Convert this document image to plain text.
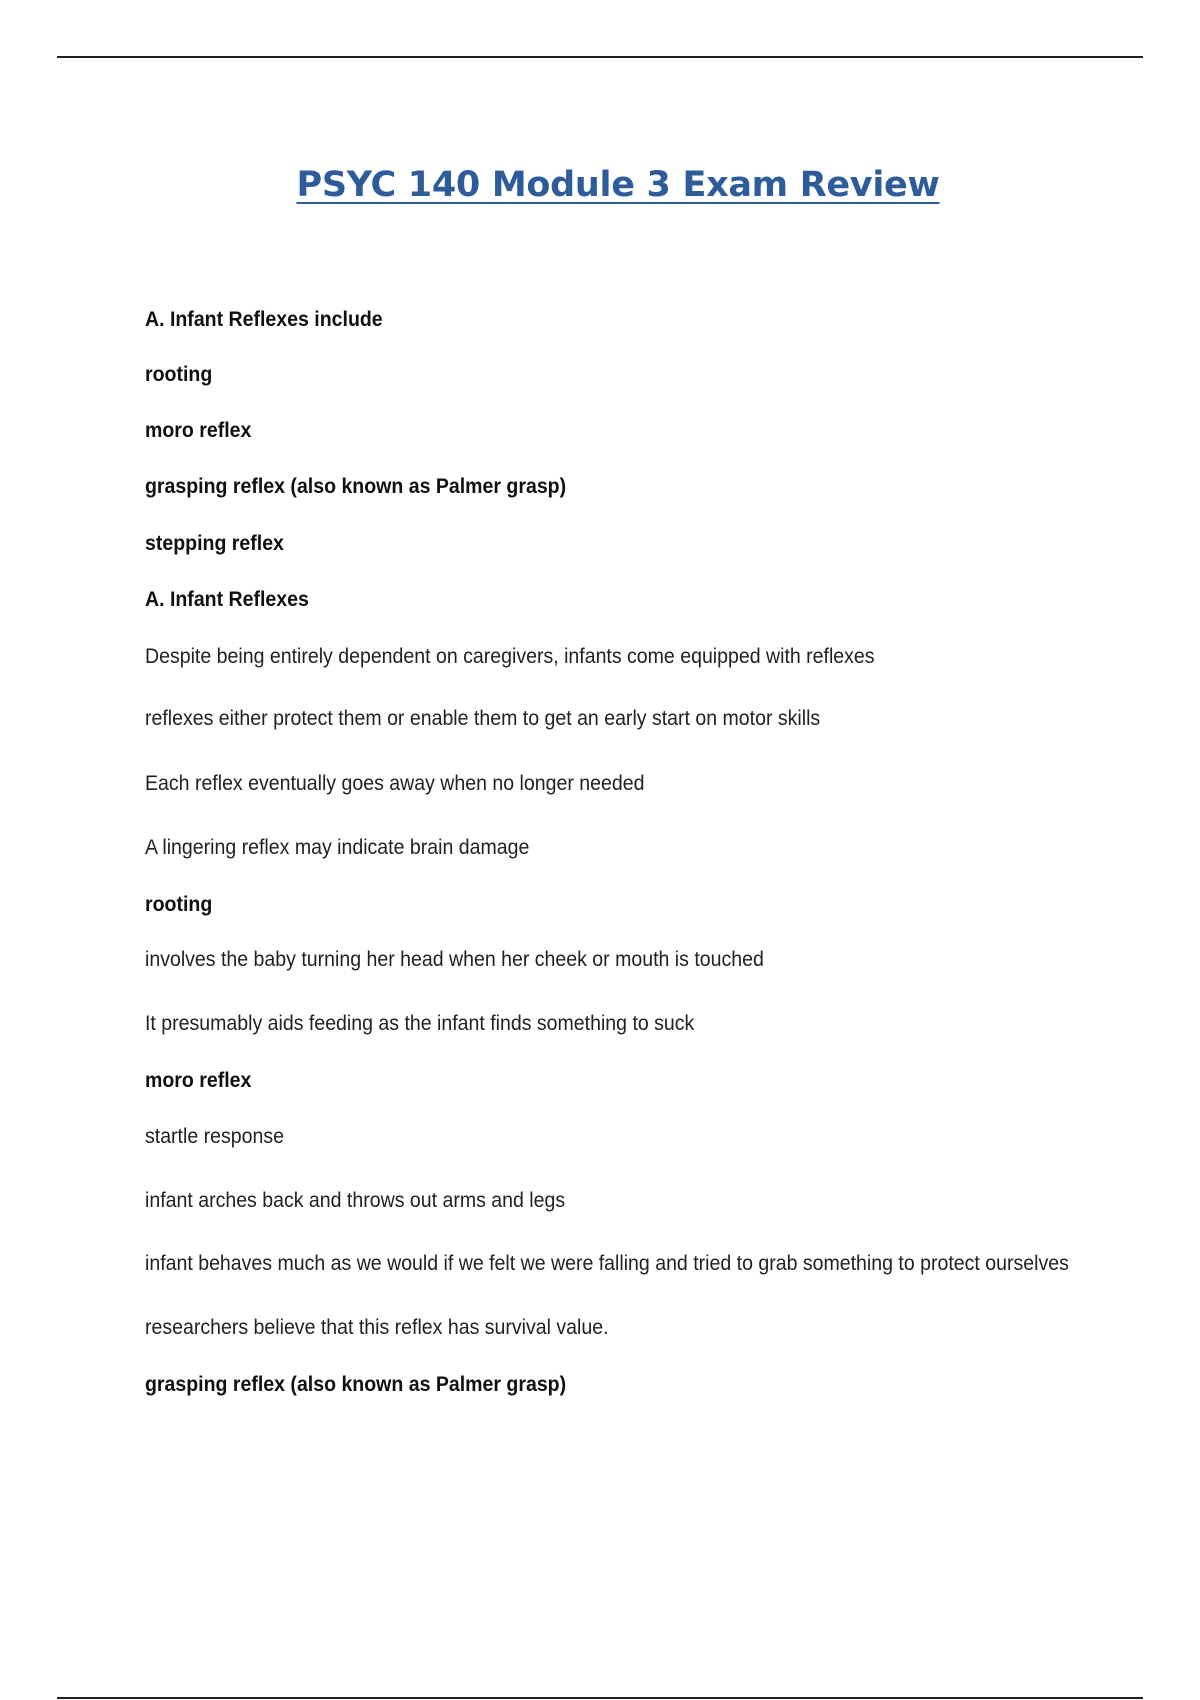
PSYC 140 Module 3 Exam Review
A. Infant Reflexes include
rooting
moro reflex
grasping reflex (also known as Palmer grasp)
stepping reflex
A. Infant Reflexes
Despite being entirely dependent on caregivers, infants come equipped with reflexes
reflexes either protect them or enable them to get an early start on motor skills
Each reflex eventually goes away when no longer needed
A lingering reflex may indicate brain damage
rooting
involves the baby turning her head when her cheek or mouth is touched
It presumably aids feeding as the infant finds something to suck
moro reflex
startle response
infant arches back and throws out arms and legs
infant behaves much as we would if we felt we were falling and tried to grab something to protect ourselves
researchers believe that this reflex has survival value.
grasping reflex (also known as Palmer grasp)
